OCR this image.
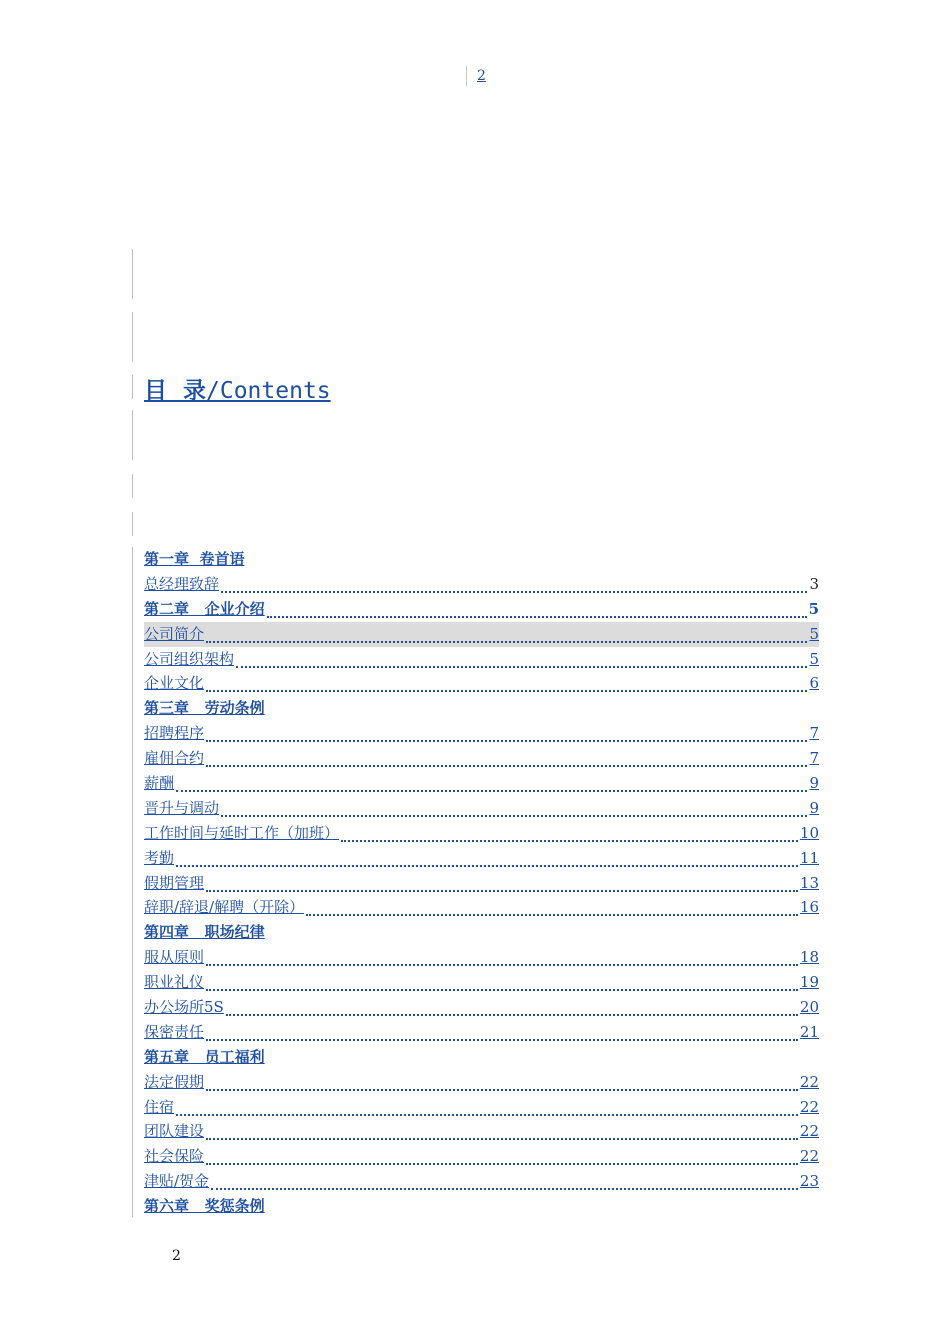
2
目  录/Contents
第一章  卷首语
总经理致辞	3
第二章   企业介绍	5
公司简介	5
公司组织架构	5
企业文化	6
第三章   劳动条例
招聘程序	7
雇佣合约	7
薪酬	9
晋升与调动	9
工作时间与延时工作（加班）	10
考勤	11
假期管理	13
辞职/辞退/解聘（开除）	16
第四章   职场纪律
服从原则	18
职业礼仪	19
办公场所5S	20
保密责任	21
第五章   员工福利
法定假期	22
住宿	22
团队建设	22
社会保险	22
津贴/贺金	23
第六章   奖惩条例
2
